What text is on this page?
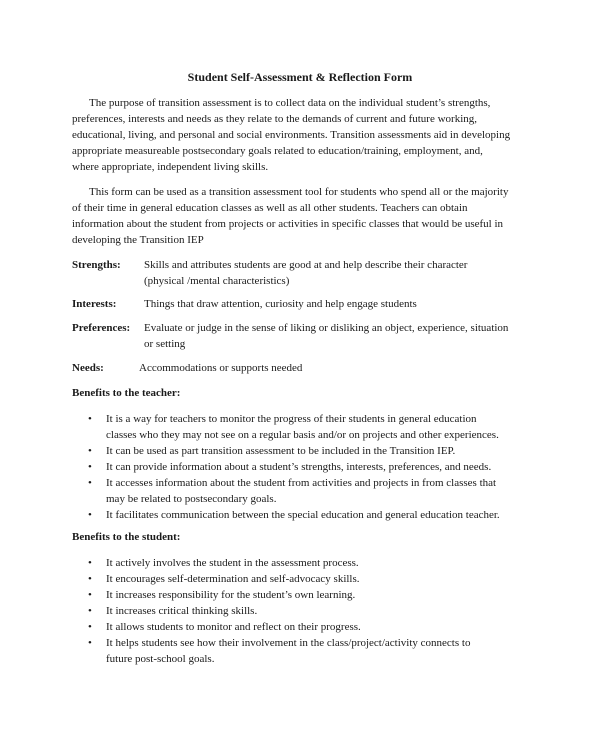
Student Self-Assessment & Reflection Form

The purpose of transition assessment is to collect data on the individual student’s strengths,
preferences, interests and needs as they relate to the demands of current and future working,
educational, living, and personal and social environments. Transition assessments aid in developing
appropriate measureable postsecondary goals related to education/training, employment, and,
where appropriate, independent living skills.

This form can be used as a transition assessment tool for students who spend all or the majority
of their time in general education classes as well as all other students. Teachers can obtain
information about the student from projects or activities in specific classes that would be useful in
developing the Transition IEP

Strengths: Skills and attributes students are good at and help describe their character
(physical /mental characteristics)
Interests:	Things that draw attention, curiosity and help engage students
Preferences: Evaluate or judge in the sense of liking or disliking an object, experience, situation
or setting
Needs:	Accommodations or supports needed
Benefits to the teacher:
• It is a way for teachers to monitor the progress of their students in general education
classes who they may not see on a regular basis and/or on projects and other experiences.
• It can be used as part transition assessment to be included in the Transition IEP.
• It can provide information about a student’s strengths, interests, preferences, and needs.
• It accesses information about the student from activities and projects in from classes that
may be related to postsecondary goals.
• It facilitates communication between the special education and general education teacher.
Benefits to the student:
• It actively involves the student in the assessment process.
• It encourages self-determination and self-advocacy skills.
• It increases responsibility for the student’s own learning.
• It increases critical thinking skills.
• It allows students to monitor and reflect on their progress.
• It helps students see how their involvement in the class/project/activity connects to
future post-school goals.
